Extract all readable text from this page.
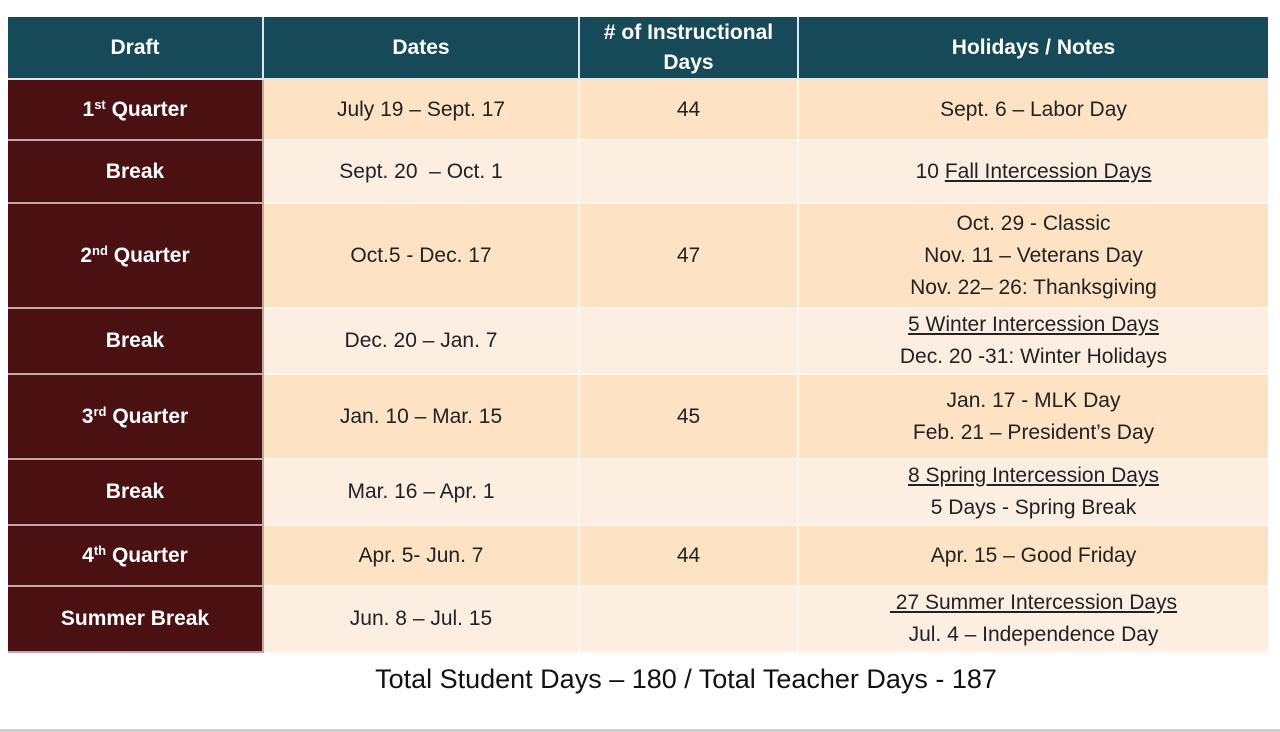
Draft	Dates	# of Instructional Days	Holidays / Notes
1st Quarter	July 19 – Sept. 17	44	Sept. 6 – Labor Day

Break	Sept. 20  – Oct. 1		10 Fall Intercession Days

2nd Quarter	Oct.5 - Dec. 17	47	Oct. 29 - Classic
Nov. 11 – Veterans Day
Nov. 22– 26: Thanksgiving

Break	Dec. 20 – Jan. 7		5 Winter Intercession Days
Dec. 20 -31: Winter Holidays

3rd Quarter	Jan. 10 – Mar. 15	45	Jan. 17 - MLK Day
Feb. 21 – President’s Day

Break	Mar. 16 – Apr. 1		8 Spring Intercession Days
5 Days - Spring Break

4th Quarter	Apr. 5- Jun. 7	44	Apr. 15 – Good Friday

Summer Break	Jun. 8 – Jul. 15		27 Summer Intercession Days
Jul. 4 – Independence Day
Total Student Days – 180 / Total Teacher Days - 187
